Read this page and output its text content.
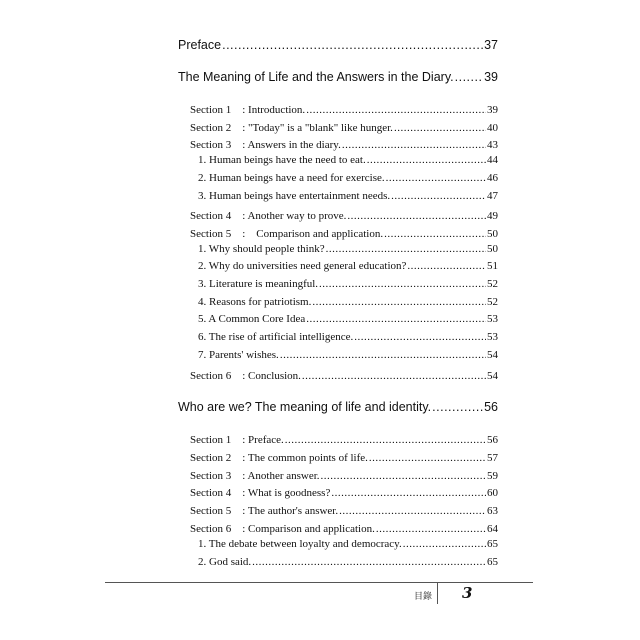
Preface .....	37
The Meaning of Life and the Answers in the Diary. ..... 39
Section 1　: Introduction. .....	39
Section 2　: "Today" is a "blank" like hunger. .....	40
Section 3　: Answers in the diary. .....	43
1. Human beings have the need to eat. .....	44
2. Human beings have a need for exercise. .....	46
3. Human beings have entertainment needs. .....	47
Section 4　: Another way to prove. .....	49
Section 5　:　Comparison and application. .....	50
1. Why should people think? .....	50
2. Why do universities need general education? .....	51
3. Literature is meaningful. .....	52
4. Reasons for patriotism. .....	52
5. A Common Core Idea .....	53
6. The rise of artificial intelligence. .....	53
7. Parents' wishes. .....	54
Section 6　: Conclusion. .....	54
Who are we? The meaning of life and identity. .....	56
Section 1　: Preface. .....	56
Section 2　: The common points of life. .....	57
Section 3　: Another answer. .....	59
Section 4　: What is goodness? .....	60
Section 5　: The author's answer. .....	63
Section 6　: Comparison and application. .....	64
1. The debate between loyalty and democracy. .....	65
2. God said. .....	65
目錄 3
